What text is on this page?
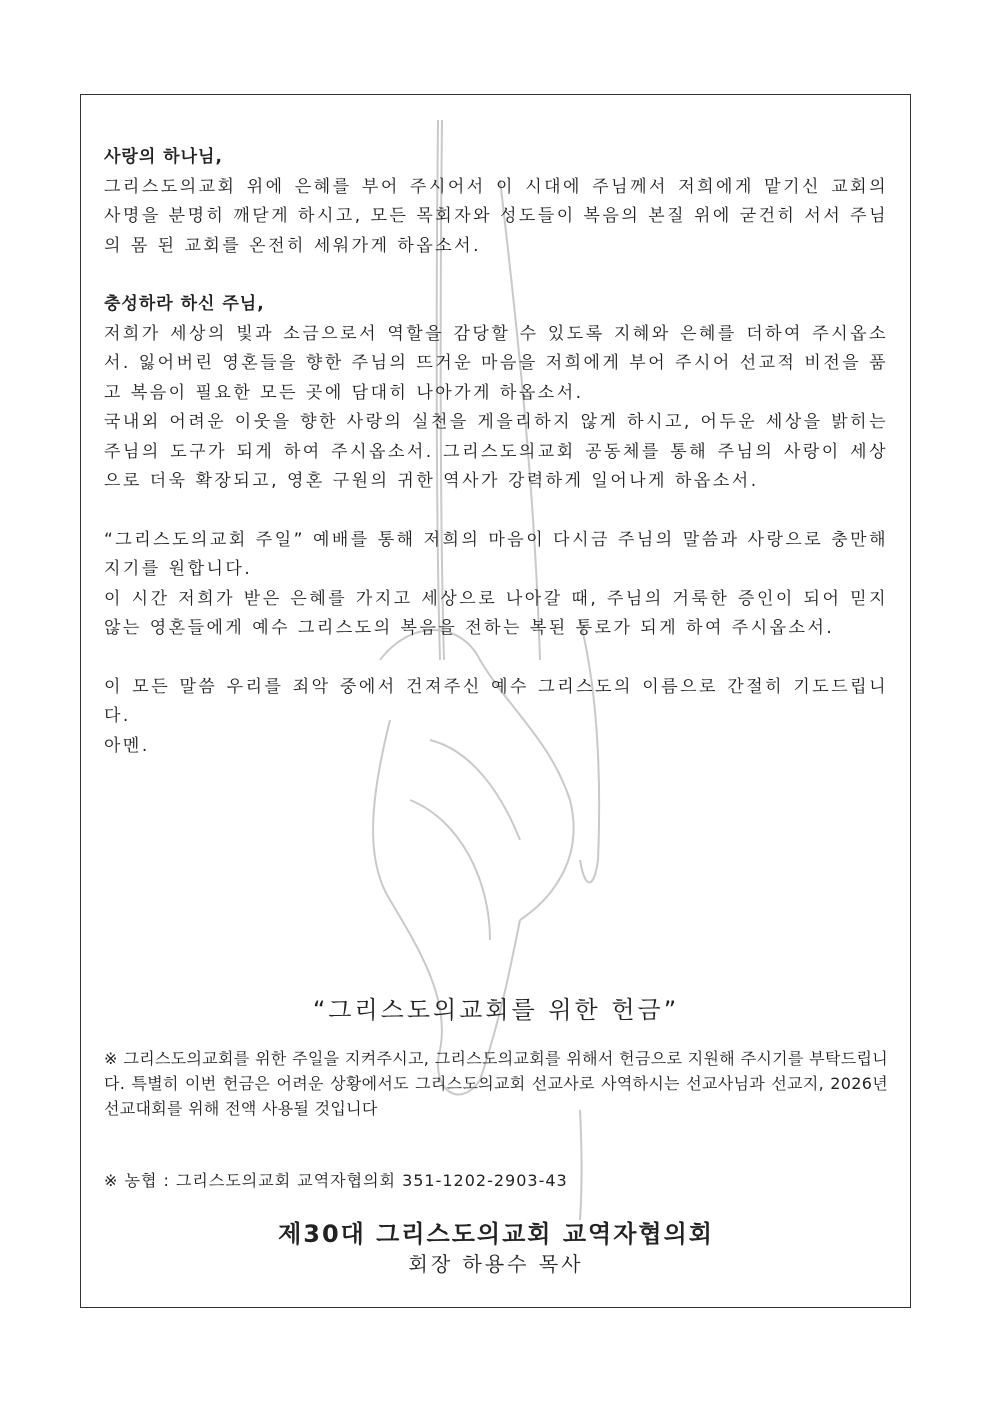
사랑의 하나님,

그리스도의교회 위에 은혜를 부어 주시어서 이 시대에 주님께서 저희에게 맡기신 교회의 사명을 분명히 깨닫게 하시고, 모든 목회자와 성도들이 복음의 본질 위에 굳건히 서서 주님의 몸 된 교회를 온전히 세워가게 하옵소서.

충성하라 하신 주님,

저희가 세상의 빛과 소금으로서 역할을 감당할 수 있도록 지혜와 은혜를 더하여 주시옵소서. 잃어버린 영혼들을 향한 주님의 뜨거운 마음을 저희에게 부어 주시어 선교적 비전을 품고 복음이 필요한 모든 곳에 담대히 나아가게 하옵소서.

국내외 어려운 이웃을 향한 사랑의 실천을 게을리하지 않게 하시고, 어두운 세상을 밝히는 주님의 도구가 되게 하여 주시옵소서. 그리스도의교회 공동체를 통해 주님의 사랑이 세상으로 더욱 확장되고, 영혼 구원의 귀한 역사가 강력하게 일어나게 하옵소서.

“그리스도의교회 주일” 예배를 통해 저희의 마음이 다시금 주님의 말씀과 사랑으로 충만해지기를 원합니다.

이 시간 저희가 받은 은혜를 가지고 세상으로 나아갈 때, 주님의 거룩한 증인이 되어 믿지 않는 영혼들에게 예수 그리스도의 복음을 전하는 복된 통로가 되게 하여 주시옵소서.

이 모든 말씀 우리를 죄악 중에서 건져주신 예수 그리스도의 이름으로 간절히 기도드립니다.

아멘.

“그리스도의교회를 위한 헌금”
※ 그리스도의교회를 위한 주일을 지켜주시고, 그리스도의교회를 위해서 헌금으로 지원해 주시기를 부탁드립니다. 특별히 이번 헌금은 어려운 상황에서도 그리스도의교회 선교사로 사역하시는 선교사님과 선교지, 2026년 선교대회를 위해 전액 사용될 것입니다
※ 농협 : 그리스도의교회 교역자협의회 351-1202-2903-43
제30대 그리스도의교회 교역자협의회
회장 하용수 목사
